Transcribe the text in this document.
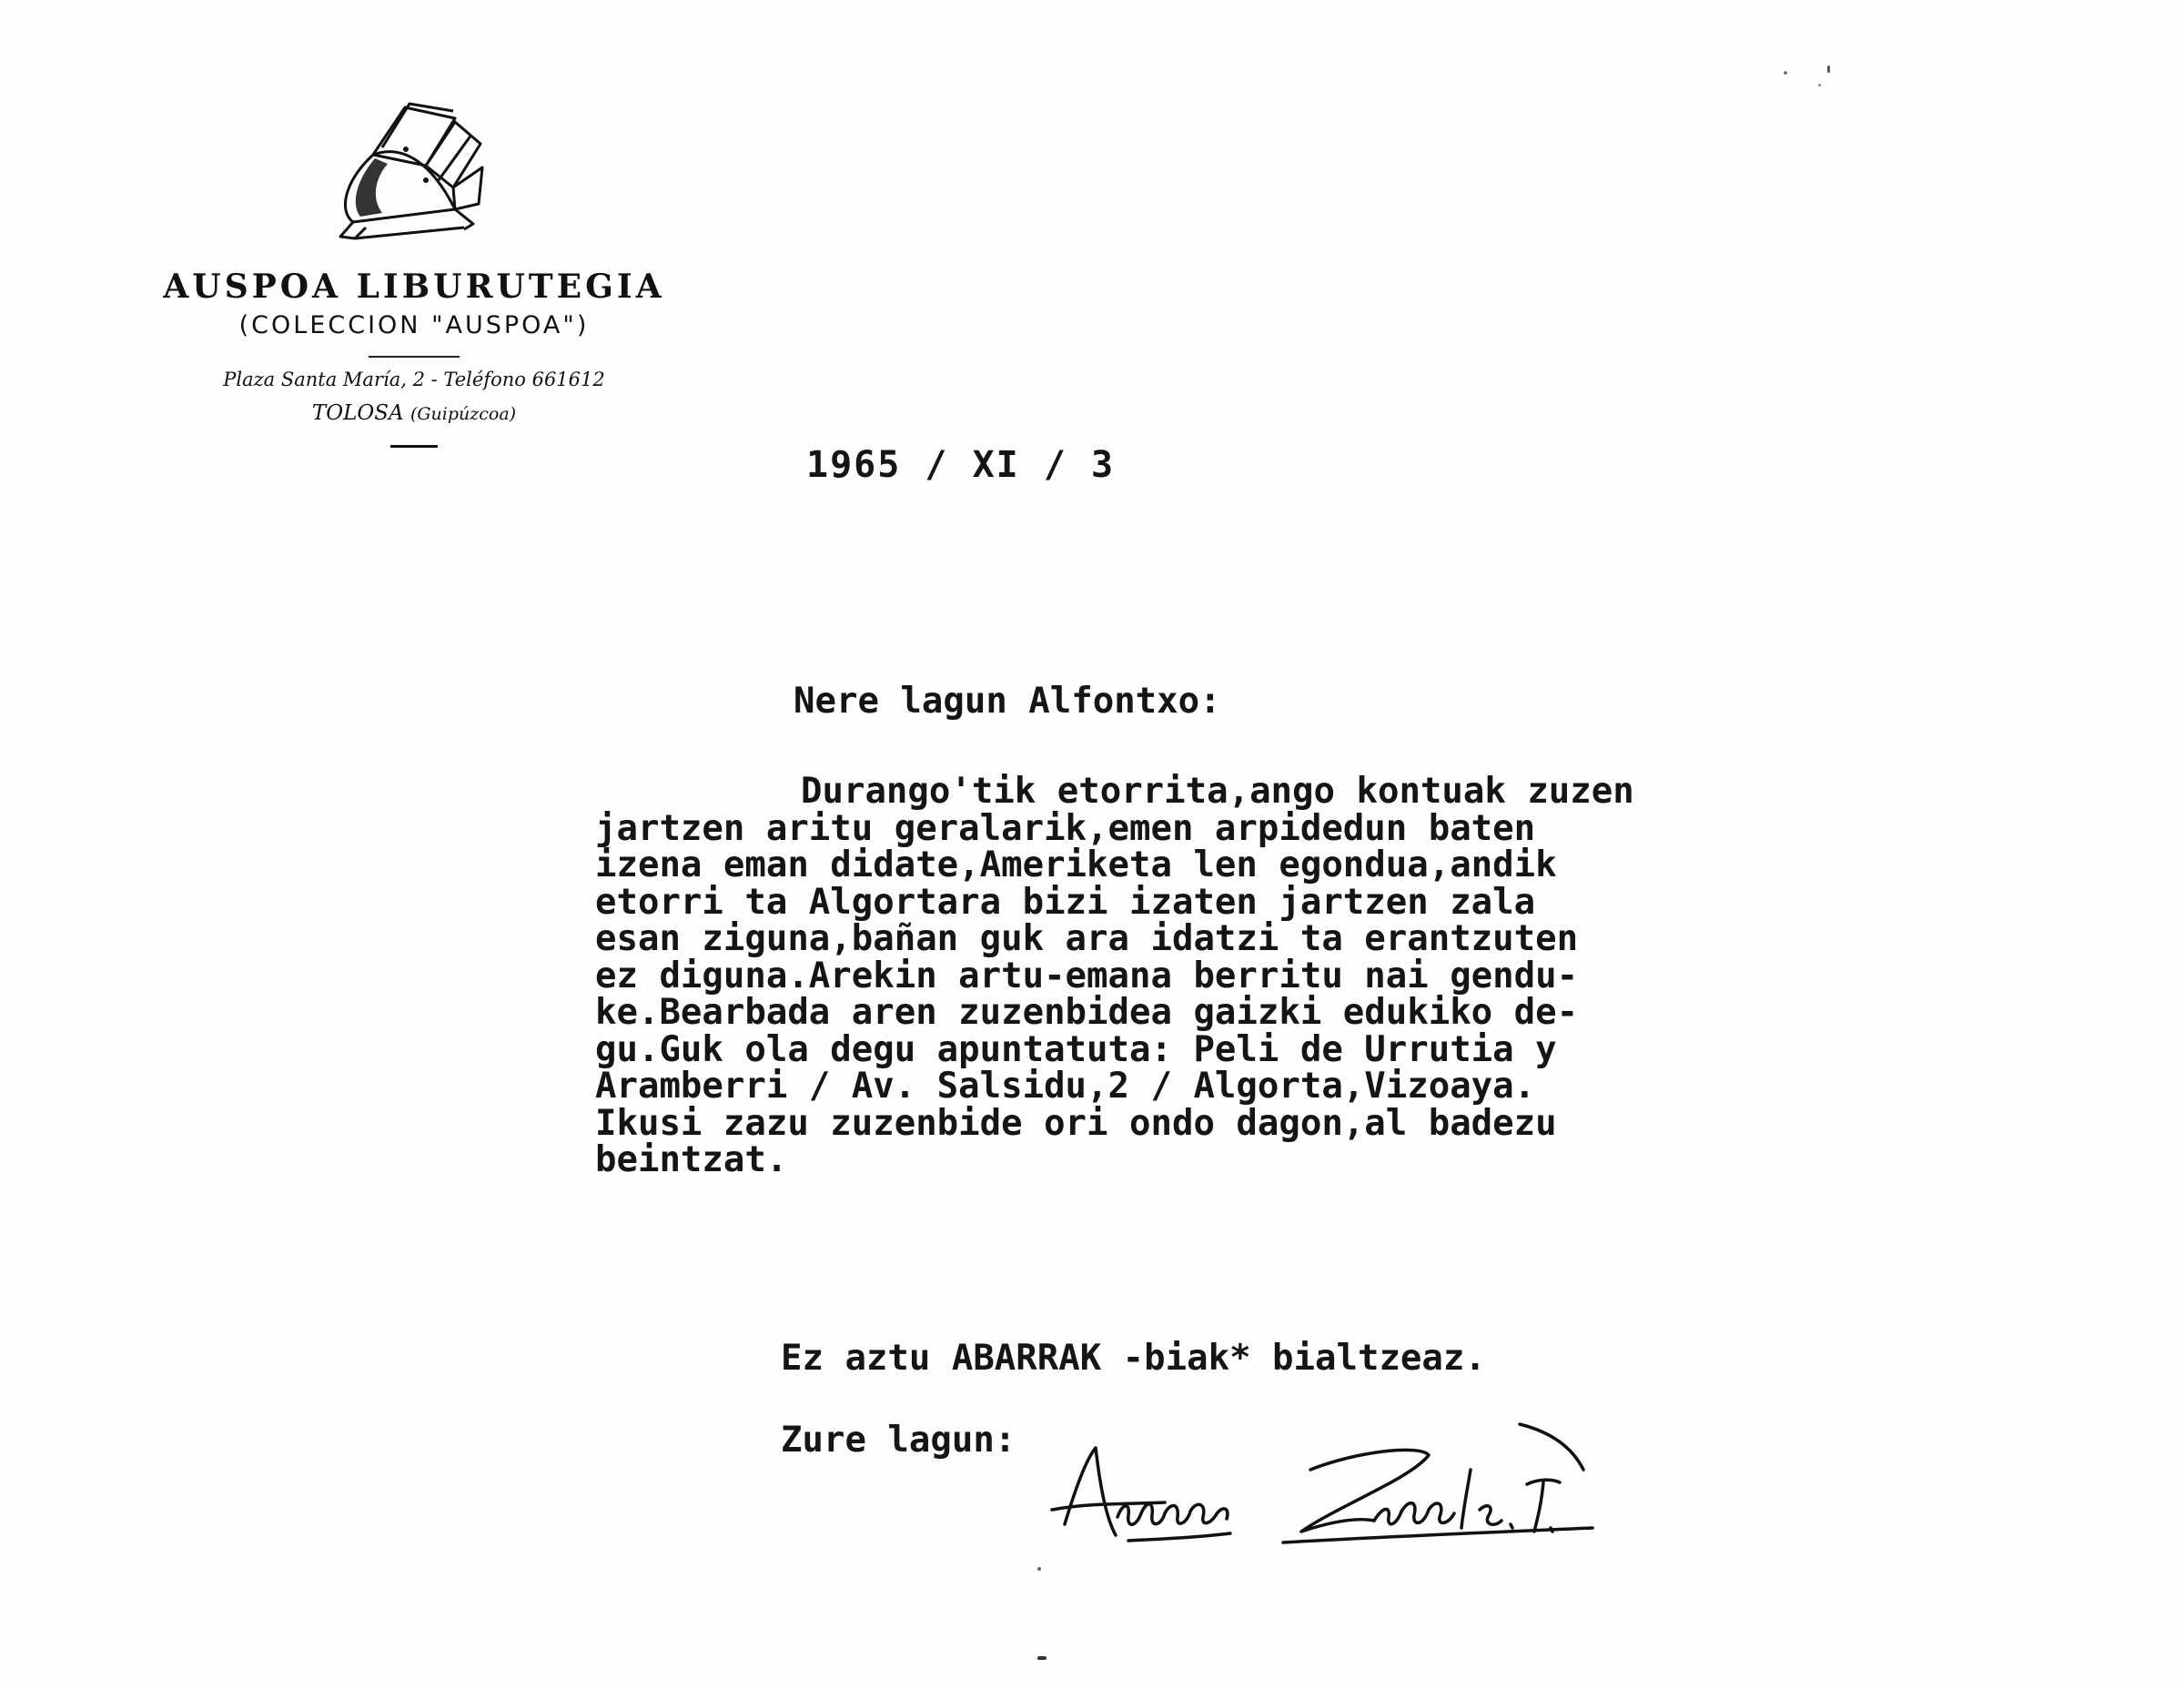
AUSPOA LIBURUTEGIA
(COLECCION "AUSPOA")
Plaza Santa María, 2 - Teléfono 661612
TOLOSA (Guipúzcoa)
1965 / XI / 3
Nere lagun Alfontxo:
Durango'tik etorrita,ango kontuak zuzen
jartzen aritu geralarik,emen arpidedun baten
izena eman didate,Ameriketa len egondua,andik
etorri ta Algortara bizi izaten jartzen zala
esan ziguna,bañan guk ara idatzi ta erantzuten
ez diguna.Arekin artu-emana berritu nai gendu-
ke.Bearbada aren zuzenbidea gaizki edukiko de-
gu.Guk ola degu apuntatuta: Peli de Urrutia y
Aramberri / Av. Salsidu,2 / Algorta,Vizoaya.
Ikusi zazu zuzenbide ori ondo dagon,al badezu
beintzat.
Ez aztu ABARRAK -biak* bialtzeaz.
Zure lagun:
